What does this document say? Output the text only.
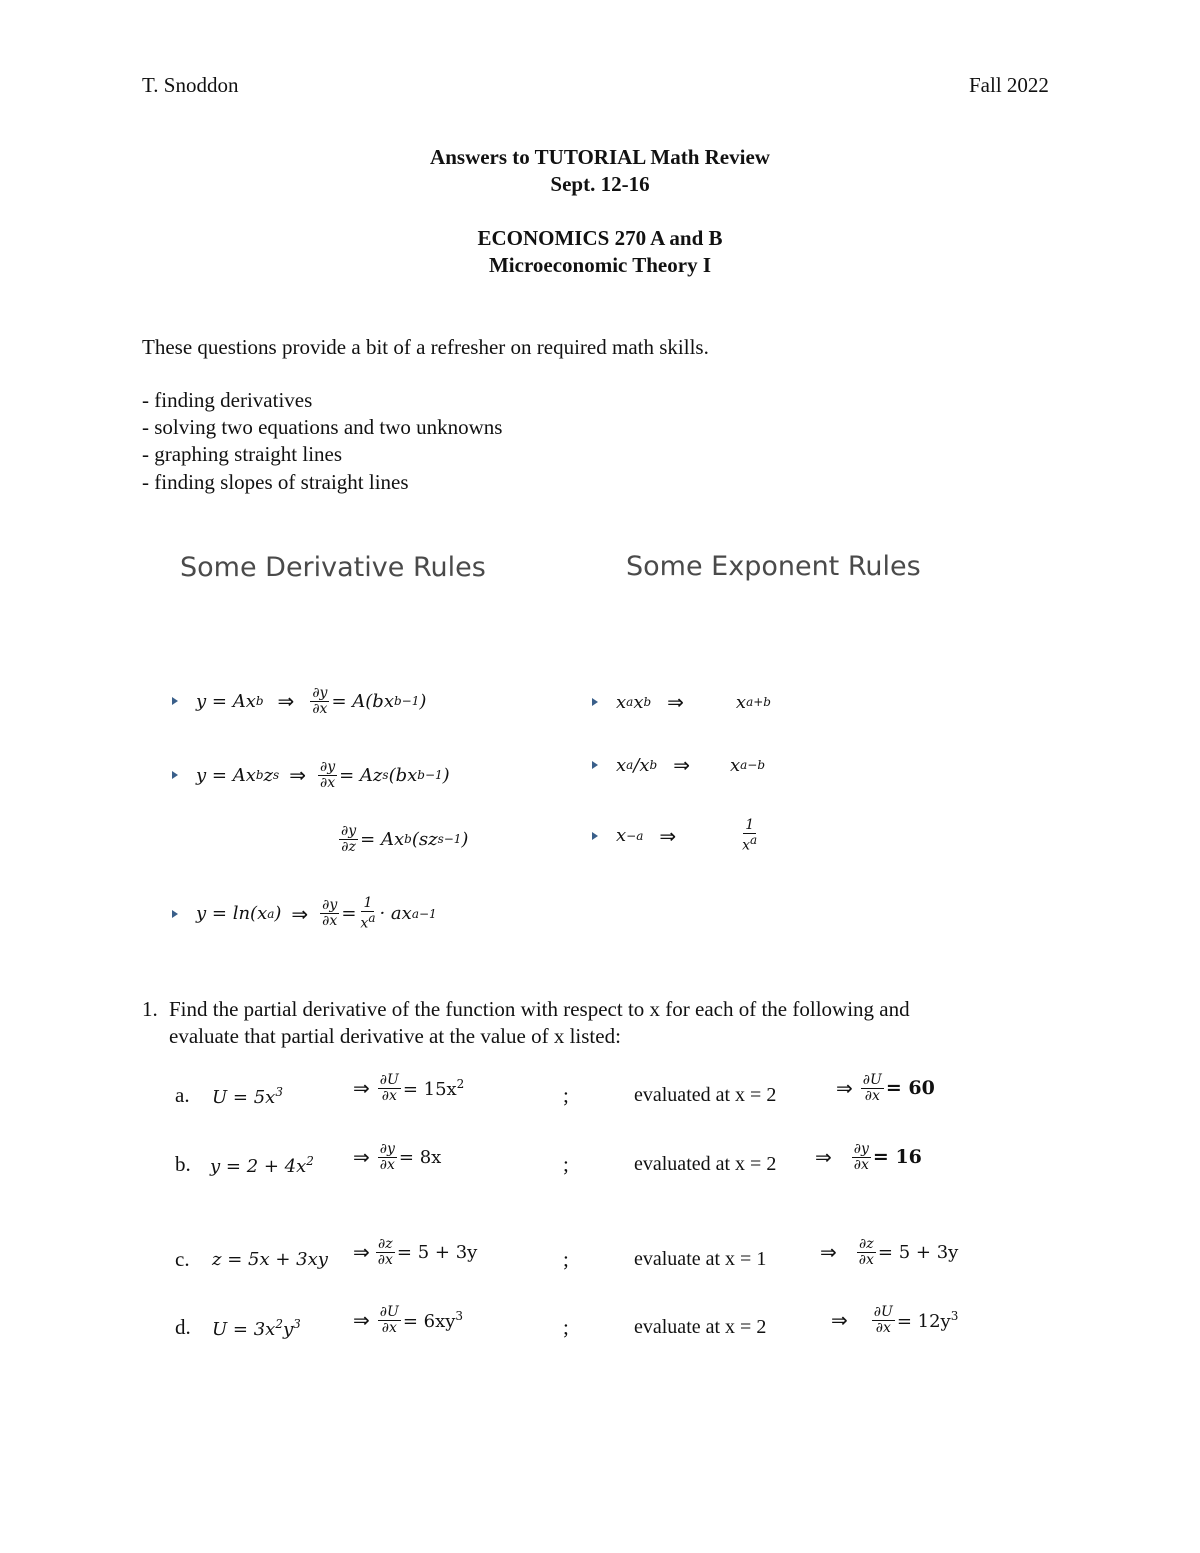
T. Snoddon	Fall 2022
Answers to TUTORIAL Math Review
Sept. 12-16
ECONOMICS 270 A and B
Microeconomic Theory I
These questions provide a bit of a refresher on required math skills.
- finding derivatives
- solving two equations and two unknowns
- graphing straight lines
- finding slopes of straight lines
Some Derivative Rules	Some Exponent Rules
y = Ax b ⇒ $\frac{\partial y}{\partial x} = A(bx$ b−1 )
y = Ax b z s ⇒ $\frac{\partial y}{\partial x} = Az$ s (bx b−1 )
$\frac{\partial y}{\partial z} = Ax$ b (sz s−1 )
y = ln(x a ) ⇒ $\frac{\partial y}{\partial x} = \frac{1}{x^a}$ · ax a−1
x a x b ⇒	x a+b
x a /x b ⇒ x a−b
x −a ⇒	$\frac{1}{x^a}$
1. Find the partial derivative of the function with respect to x for each of the following and
evaluate that partial derivative at the value of x listed:
a. $U = 5x^3$	⇒ $\frac{\partial U}{\partial x} = 15x^2$	;	evaluated at x = 2	⇒ $\frac{\partial U}{\partial x} = 60$
b. $y = 2 + 4x^2$ ⇒ $\frac{\partial y}{\partial x} = 8x$	;	evaluated at x = 2 ⇒ $\frac{\partial y}{\partial x} = 16$
c. z = 5x + 3xy ⇒ $\frac{\partial z}{\partial x} = 5 + 3y$	;	evaluate at x = 1	⇒ $\frac{\partial z}{\partial x} = 5 + 3y$
d. $U = 3x^2y^3$	⇒ $\frac{\partial U}{\partial x} = 6xy^3$	;	evaluate at x = 2	⇒ $\frac{\partial U}{\partial x} = 12y^3$
